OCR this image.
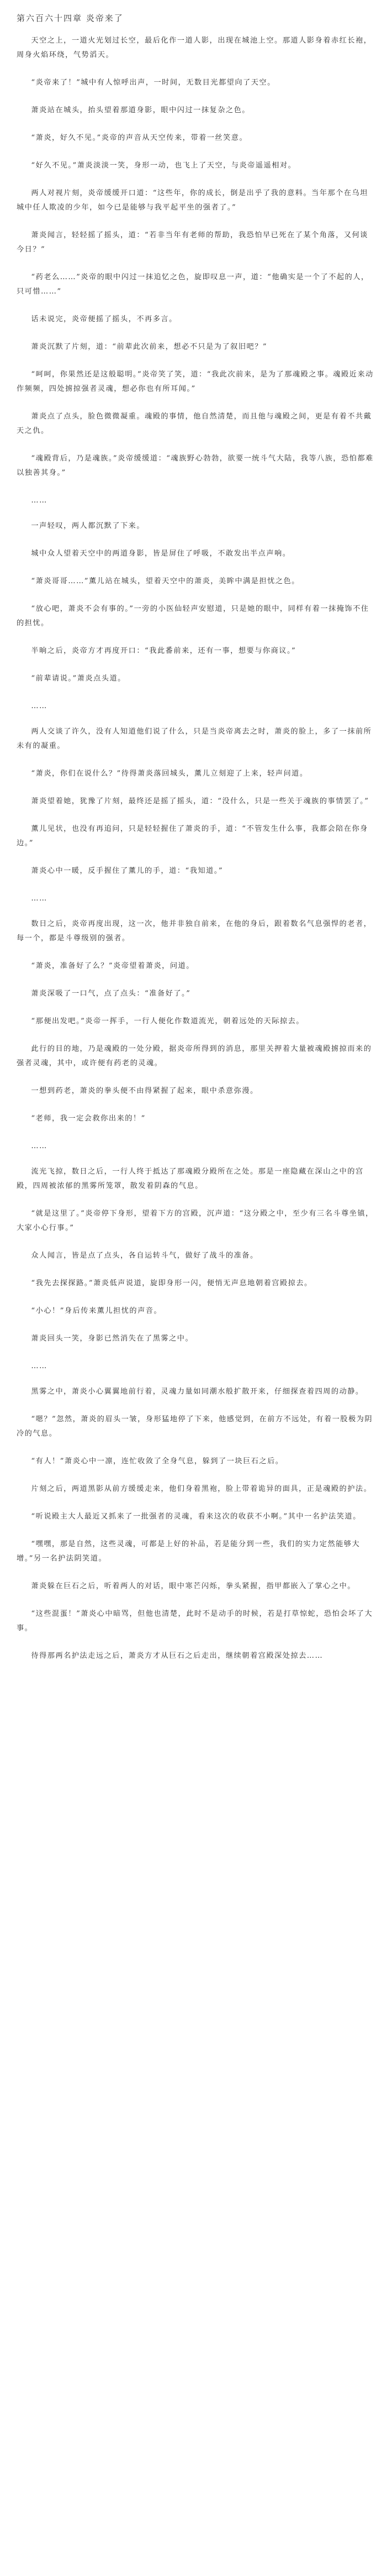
第六百六十四章 炎帝来了

天空之上，一道火光划过长空，最后化作一道人影，出现在城池上空。那道人影身着赤红长袍，周身火焰环绕，气势滔天。

“炎帝来了！”城中有人惊呼出声，一时间，无数目光都望向了天空。

萧炎站在城头，抬头望着那道身影，眼中闪过一抹复杂之色。

“萧炎，好久不见。”炎帝的声音从天空传来，带着一丝笑意。

“好久不见。”萧炎淡淡一笑，身形一动，也飞上了天空，与炎帝遥遥相对。

两人对视片刻，炎帝缓缓开口道：“这些年，你的成长，倒是出乎了我的意料。当年那个在乌坦城中任人欺凌的少年，如今已是能够与我平起平坐的强者了。”

萧炎闻言，轻轻摇了摇头，道：“若非当年有老师的帮助，我恐怕早已死在了某个角落，又何谈今日？”

“药老么……”炎帝的眼中闪过一抹追忆之色，旋即叹息一声，道：“他确实是一个了不起的人，只可惜……”

话未说完，炎帝便摇了摇头，不再多言。

萧炎沉默了片刻，道：“前辈此次前来，想必不只是为了叙旧吧？”

“呵呵，你果然还是这般聪明。”炎帝笑了笑，道：“我此次前来，是为了那魂殿之事。魂殿近来动作频频，四处掳掠强者灵魂，想必你也有所耳闻。”

萧炎点了点头，脸色微微凝重。魂殿的事情，他自然清楚，而且他与魂殿之间，更是有着不共戴天之仇。

“魂殿背后，乃是魂族。”炎帝缓缓道：“魂族野心勃勃，欲要一统斗气大陆，我等八族，恐怕都难以独善其身。”

……

一声轻叹，两人都沉默了下来。

城中众人望着天空中的两道身影，皆是屏住了呼吸，不敢发出半点声响。

“萧炎哥哥……”薰儿站在城头，望着天空中的萧炎，美眸中满是担忧之色。

“放心吧，萧炎不会有事的。”一旁的小医仙轻声安慰道，只是她的眼中，同样有着一抹掩饰不住的担忧。

半晌之后，炎帝方才再度开口：“我此番前来，还有一事，想要与你商议。”

“前辈请说。”萧炎点头道。

……

两人交谈了许久，没有人知道他们说了什么，只是当炎帝离去之时，萧炎的脸上，多了一抹前所未有的凝重。

“萧炎，你们在说什么？”待得萧炎落回城头，薰儿立刻迎了上来，轻声问道。

萧炎望着她，犹豫了片刻，最终还是摇了摇头，道：“没什么，只是一些关于魂族的事情罢了。”

薰儿见状，也没有再追问，只是轻轻握住了萧炎的手，道：“不管发生什么事，我都会陪在你身边。”

萧炎心中一暖，反手握住了薰儿的手，道：“我知道。”

……

数日之后，炎帝再度出现，这一次，他并非独自前来，在他的身后，跟着数名气息强悍的老者，每一个，都是斗尊级别的强者。

“萧炎，准备好了么？”炎帝望着萧炎，问道。

萧炎深吸了一口气，点了点头：“准备好了。”

“那便出发吧。”炎帝一挥手，一行人便化作数道流光，朝着远处的天际掠去。

此行的目的地，乃是魂殿的一处分殿，据炎帝所得到的消息，那里关押着大量被魂殿掳掠而来的强者灵魂，其中，或许便有药老的灵魂。

一想到药老，萧炎的拳头便不由得紧握了起来，眼中杀意弥漫。

“老师，我一定会救你出来的！”

……

流光飞掠，数日之后，一行人终于抵达了那魂殿分殿所在之处。那是一座隐藏在深山之中的宫殿，四周被浓郁的黑雾所笼罩，散发着阴森的气息。

“就是这里了。”炎帝停下身形，望着下方的宫殿，沉声道：“这分殿之中，至少有三名斗尊坐镇，大家小心行事。”

众人闻言，皆是点了点头，各自运转斗气，做好了战斗的准备。

“我先去探探路。”萧炎低声说道，旋即身形一闪，便悄无声息地朝着宫殿掠去。

“小心！”身后传来薰儿担忧的声音。

萧炎回头一笑，身影已然消失在了黑雾之中。

……

黑雾之中，萧炎小心翼翼地前行着，灵魂力量如同潮水般扩散开来，仔细探查着四周的动静。

“嗯？”忽然，萧炎的眉头一皱，身形猛地停了下来，他感觉到，在前方不远处，有着一股极为阴冷的气息。

“有人！”萧炎心中一凛，连忙收敛了全身气息，躲到了一块巨石之后。

片刻之后，两道黑影从前方缓缓走来，他们身着黑袍，脸上带着诡异的面具，正是魂殿的护法。

“听说殿主大人最近又抓来了一批强者的灵魂，看来这次的收获不小啊。”其中一名护法笑道。

“嘿嘿，那是自然，这些灵魂，可都是上好的补品，若是能分到一些，我们的实力定然能够大增。”另一名护法阴笑道。

萧炎躲在巨石之后，听着两人的对话，眼中寒芒闪烁，拳头紧握，指甲都嵌入了掌心之中。

“这些混蛋！”萧炎心中暗骂，但他也清楚，此时不是动手的时候，若是打草惊蛇，恐怕会坏了大事。

待得那两名护法走远之后，萧炎方才从巨石之后走出，继续朝着宫殿深处掠去……
